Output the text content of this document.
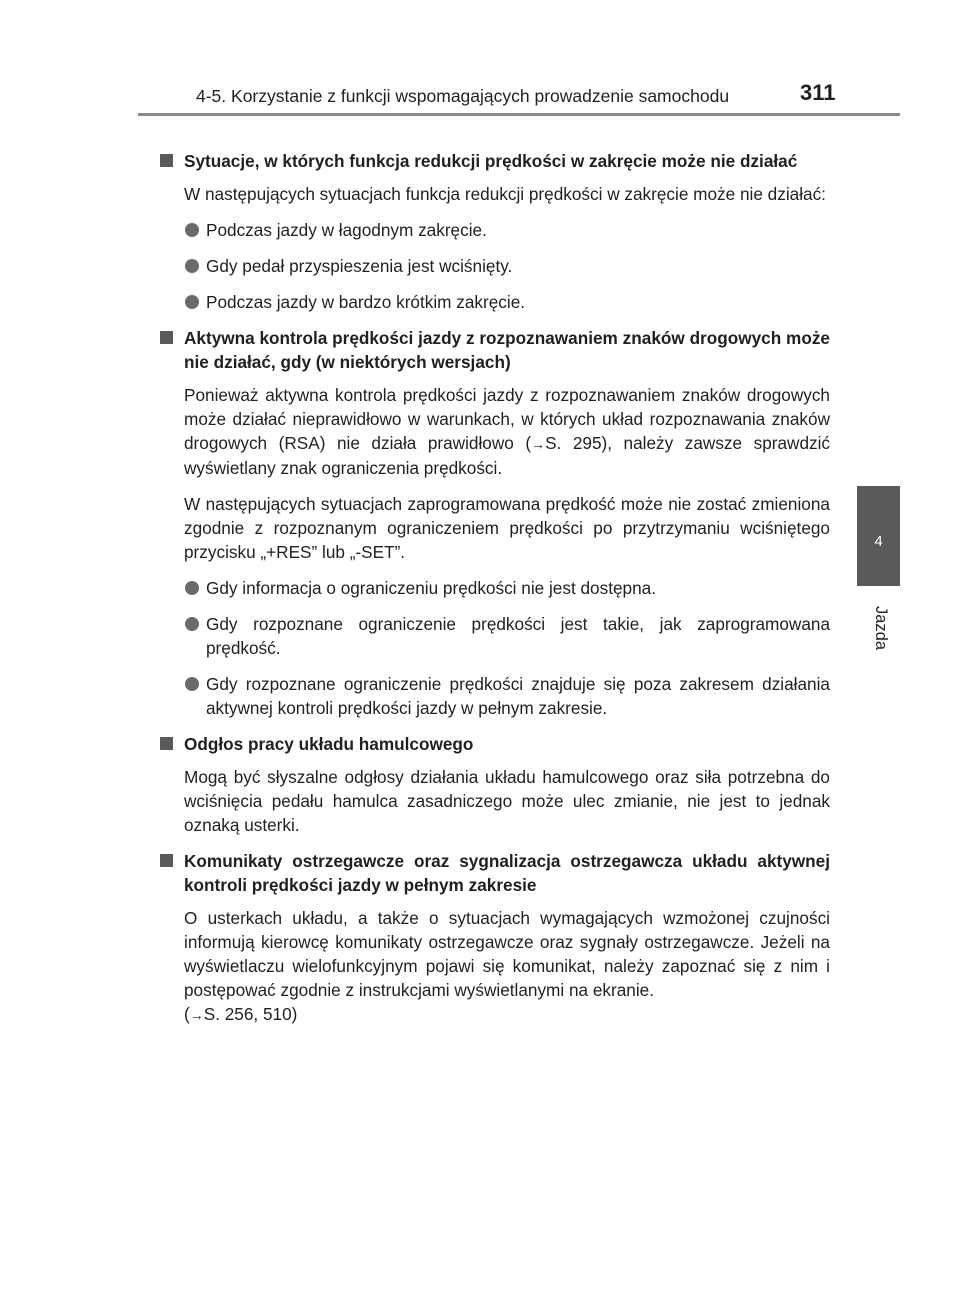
4-5. Korzystanie z funkcji wspomagających prowadzenie samochodu	311
4
Jazda
Sytuacje, w których funkcja redukcji prędkości w zakręcie może nie działać
W następujących sytuacjach funkcja redukcji prędkości w zakręcie może nie działać:
Podczas jazdy w łagodnym zakręcie.
Gdy pedał przyspieszenia jest wciśnięty.
Podczas jazdy w bardzo krótkim zakręcie.
Aktywna kontrola prędkości jazdy z rozpoznawaniem znaków drogowych może nie działać, gdy (w niektórych wersjach)
Ponieważ aktywna kontrola prędkości jazdy z rozpoznawaniem znaków drogowych może działać nieprawidłowo w warunkach, w których układ rozpoznawania znaków drogowych (RSA) nie działa prawidłowo (→S. 295), należy zawsze sprawdzić wyświetlany znak ograniczenia prędkości.
W następujących sytuacjach zaprogramowana prędkość może nie zostać zmieniona zgodnie z rozpoznanym ograniczeniem prędkości po przytrzymaniu wciśniętego przycisku „+RES” lub „-SET”.
Gdy informacja o ograniczeniu prędkości nie jest dostępna.
Gdy rozpoznane ograniczenie prędkości jest takie, jak zaprogramowana prędkość.
Gdy rozpoznane ograniczenie prędkości znajduje się poza zakresem działania aktywnej kontroli prędkości jazdy w pełnym zakresie.
Odgłos pracy układu hamulcowego
Mogą być słyszalne odgłosy działania układu hamulcowego oraz siła potrzebna do wciśnięcia pedału hamulca zasadniczego może ulec zmianie, nie jest to jednak oznaką usterki.
Komunikaty ostrzegawcze oraz sygnalizacja ostrzegawcza układu aktywnej kontroli prędkości jazdy w pełnym zakresie
O usterkach układu, a także o sytuacjach wymagających wzmożonej czujności informują kierowcę komunikaty ostrzegawcze oraz sygnały ostrzegawcze. Jeżeli na wyświetlaczu wielofunkcyjnym pojawi się komunikat, należy zapoznać się z nim i postępować zgodnie z instrukcjami wyświetlanymi na ekranie.
(→S. 256, 510)
